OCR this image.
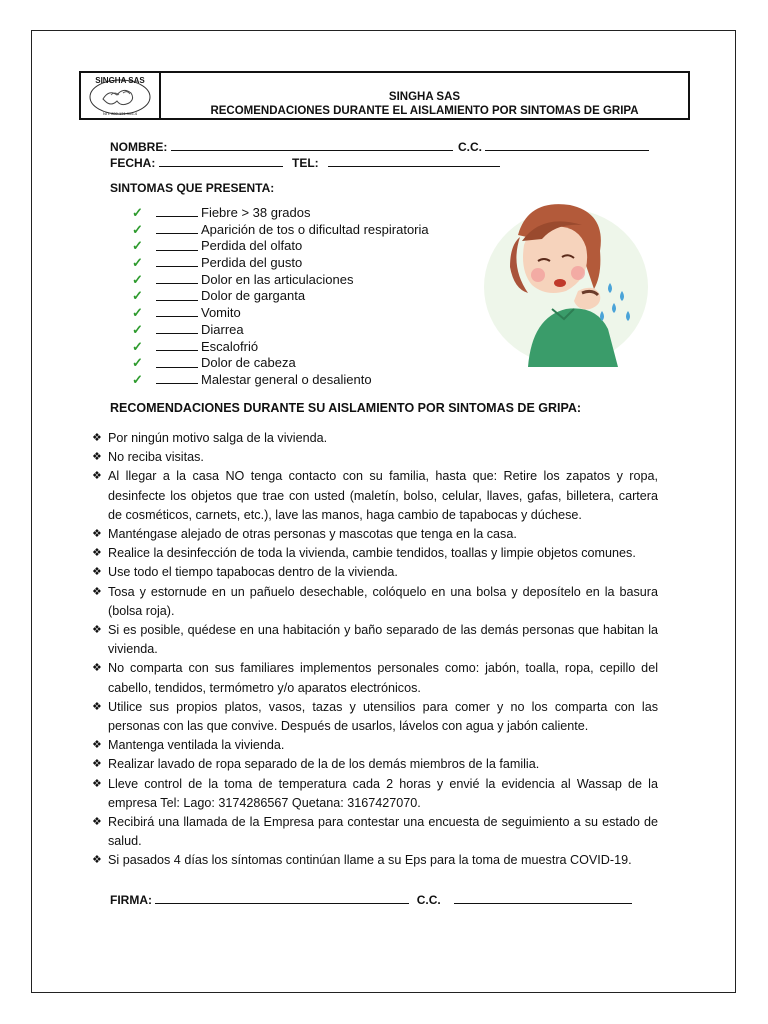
SINGHA SAS
NIT: 830.131.905-4
SINGHA SAS
RECOMENDACIONES DURANTE EL AISLAMIENTO POR SINTOMAS DE GRIPA
NOMBRE:	C.C.
FECHA:	TEL:
SINTOMAS QUE PRESENTA:
✓	Fiebre > 38 grados
✓	Aparición de tos o dificultad respiratoria
✓	Perdida del olfato
✓	Perdida del gusto
✓	Dolor en las articulaciones
✓	Dolor de garganta
✓	Vomito
✓	Diarrea
✓	Escalofrió
✓	Dolor de cabeza
✓	Malestar general o desaliento
RECOMENDACIONES DURANTE SU AISLAMIENTO POR SINTOMAS DE GRIPA:
❖ Por ningún motivo salga de la vivienda.
❖ No reciba visitas.
❖ Al llegar a la casa NO tenga contacto con su familia, hasta que: Retire los zapatos y ropa, desinfecte los objetos que trae con usted (maletín, bolso, celular, llaves, gafas, billetera, cartera de cosméticos, carnets, etc.), lave las manos, haga cambio de tapabocas y dúchese.
❖ Manténgase alejado de otras personas y mascotas que tenga en la casa.
❖ Realice la desinfección de toda la vivienda, cambie tendidos, toallas y limpie objetos comunes.
❖ Use todo el tiempo tapabocas dentro de la vivienda.
❖ Tosa y estornude en un pañuelo desechable, colóquelo en una bolsa y deposítelo en la basura (bolsa roja).
❖ Si es posible, quédese en una habitación y baño separado de las demás personas que habitan la vivienda.
❖ No comparta con sus familiares implementos personales como: jabón, toalla, ropa, cepillo del cabello, tendidos, termómetro y/o aparatos electrónicos.
❖ Utilice sus propios platos, vasos, tazas y utensilios para comer y no los comparta con las personas con las que convive. Después de usarlos, lávelos con agua y jabón caliente.
❖ Mantenga ventilada la vivienda.
❖ Realizar lavado de ropa separado de la de los demás miembros de la familia.
❖ Lleve control de la toma de temperatura cada 2 horas y envié la evidencia al Wassap de la empresa Tel: Lago: 3174286567 Quetana: 3167427070.
❖ Recibirá una llamada de la Empresa para contestar una encuesta de seguimiento a su estado de salud.
❖ Si pasados 4 días los síntomas continúan llame a su Eps para la toma de muestra COVID-19.
FIRMA:	C.C.
